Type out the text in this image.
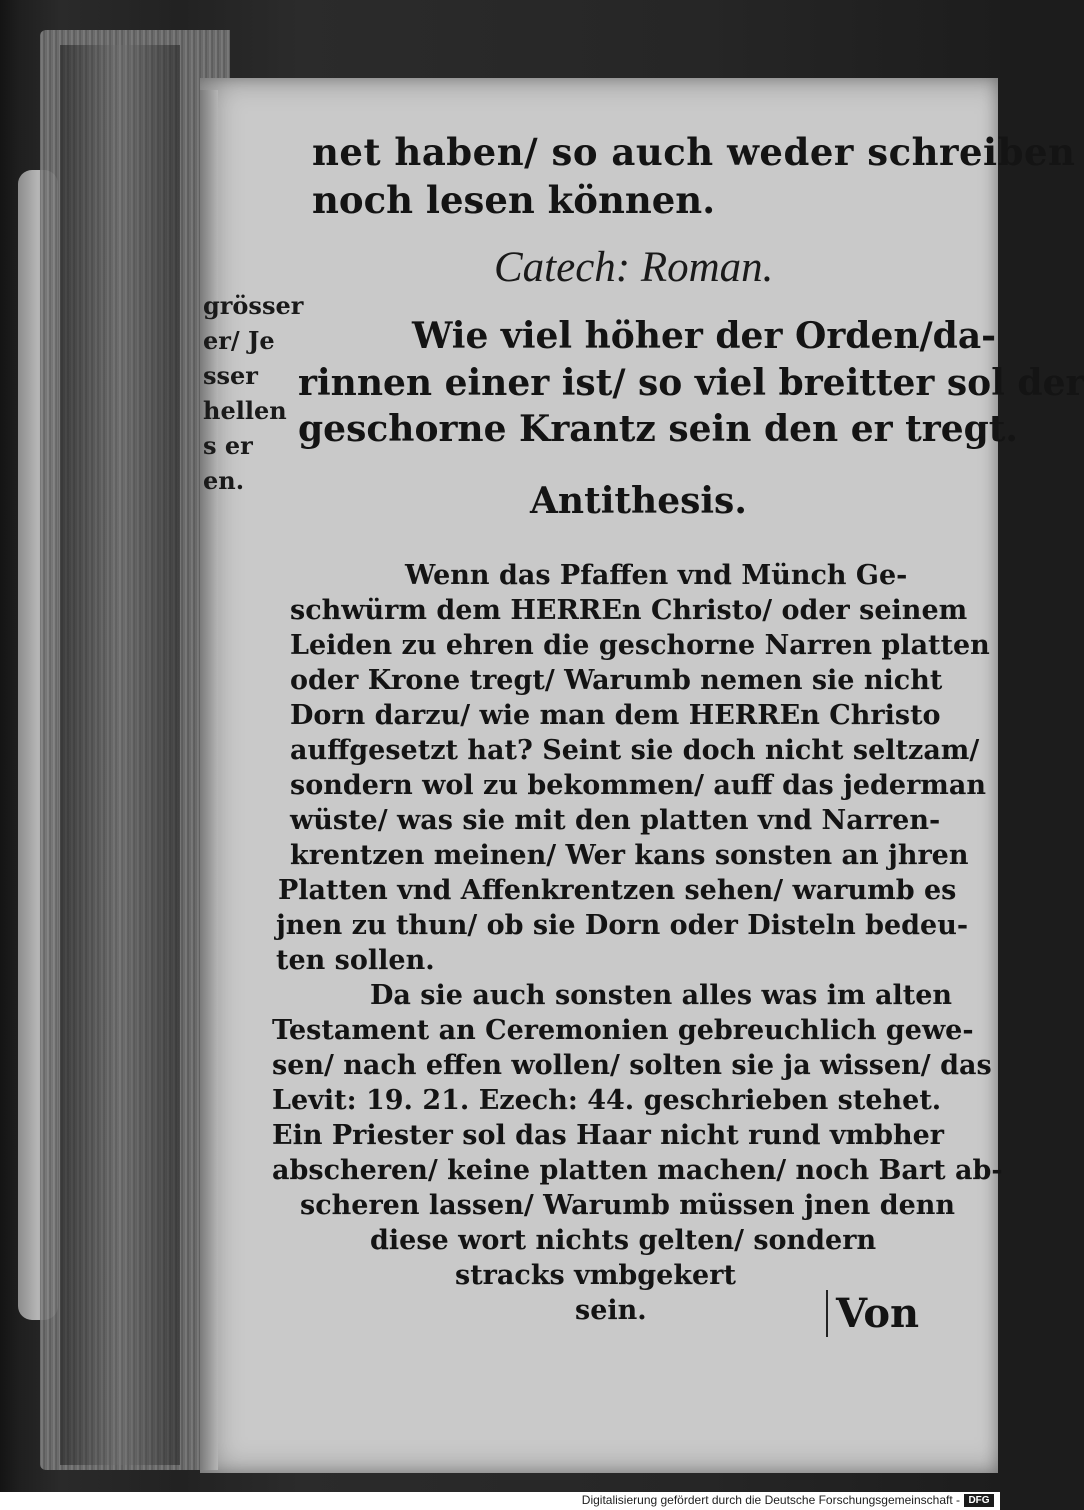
net haben/ so auch weder schreiben
noch lesen können.
Catech: Roman.
grösser
er/ Je
sser
hellen
s er
en.
Wie viel höher der Orden/da-
rinnen einer ist/ so viel breitter sol der
geschorne Krantz sein den er tregt.
Antithesis.
Wenn das Pfaffen vnd Münch Ge-
schwürm dem HERREn Christo/ oder seinem
Leiden zu ehren die geschorne Narren platten
oder Krone tregt/ Warumb nemen sie nicht
Dorn darzu/ wie man dem HERREn Christo
auffgesetzt hat? Seint sie doch nicht seltzam/
sondern wol zu bekommen/ auff das jederman
wüste/ was sie mit den platten vnd Narren-
krentzen meinen/ Wer kans sonsten an jhren
Platten vnd Affenkrentzen sehen/ warumb es
jnen zu thun/ ob sie Dorn oder Disteln bedeu-
ten sollen.
Da sie auch sonsten alles was im alten
Testament an Ceremonien gebreuchlich gewe-
sen/ nach effen wollen/ solten sie ja wissen/ das
Levit: 19. 21. Ezech: 44. geschrieben stehet.
Ein Priester sol das Haar nicht rund vmbher
abscheren/ keine platten machen/ noch Bart ab-
scheren lassen/ Warumb müssen jnen denn
diese wort nichts gelten/ sondern
stracks vmbgekert
sein.	Von
Digitalisierung gefördert durch die Deutsche Forschungsgemeinschaft - DFG
